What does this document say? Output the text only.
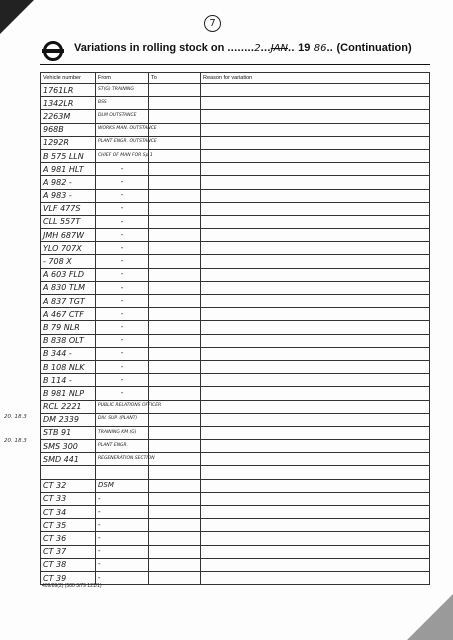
7
Variations in rolling stock on ........2...JAN.. 19 86.. (Continuation)
Vehicle number	From	To	Reason for variation
1761LR	ST(G) TRAINING		
1342LR	BSS		
2263M	DLM OUTSTANCE		
968B	WORKS MAN. OUTSTANCE		
1292R	PLANT ENGR. OUTSTANCE		
B 575 LLN	CHIEF OF MAN FOR Sp 1		
A 981 HLT	-		
A 982 -	-		
A 983 -	-		
VLF 477S	-		
CLL 557T	-		
JMH 687W	-		
YLO 707X	-		
- 708 X	-		
A 603 FLD	-		
A 830 TLM	-		
A 837 TGT	-		
A 467 CTF	-		
B 79 NLR	-		
B 838 OLT	-		
B 344 -	-		
B 108 NLK	-		
B 114 -	-		
B 981 NLP	-		
RCL 2221	PUBLIC RELATIONS OFFICER		
DM 2339	DIV. SUP. (PLANT)		
STB 91	TRAINING KM (G)		
SMS 300	PLANT ENGR.		
SMD 441	REGENERATION SECTION		

CT 32	DSM		
CT 33	-		
CT 34	-		
CT 35	-		
CT 36	-		
CT 37	-		
CT 38	-		
CT 39	-		
20. 18.3
20. 18.3
409/89(2) (500 3/79 121/1)
